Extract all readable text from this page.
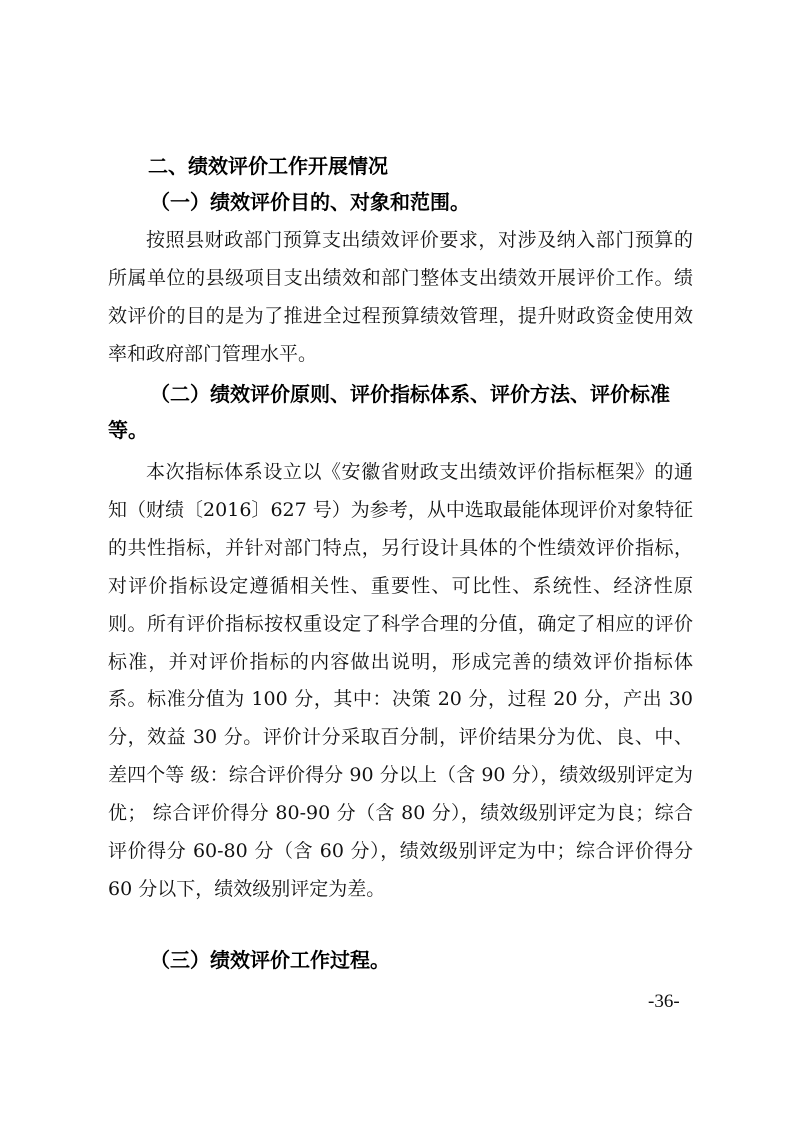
二、绩效评价工作开展情况
（一）绩效评价目的、对象和范围。

按照县财政部门预算支出绩效评价要求，对涉及纳入部门预算的所属单位的县级项目支出绩效和部门整体支出绩效开展评价工作。绩效评价的目的是为了推进全过程预算绩效管理，提升财政资金使用效率和政府部门管理水平。

（二）绩效评价原则、评价指标体系、评价方法、评价标准
等。

本次指标体系设立以《安徽省财政支出绩效评价指标框架》的通知（财绩〔2016〕627 号）为参考，从中选取最能体现评价对象特征的共性指标，并针对部门特点，另行设计具体的个性绩效评价指标，对评价指标设定遵循相关性、重要性、可比性、系统性、经济性原则。所有评价指标按权重设定了科学合理的分值，确定了相应的评价标准，并对评价指标的内容做出说明，形成完善的绩效评价指标体系。标准分值为 100 分，其中：决策 20 分，过程 20 分，产出 30 分，效益 30 分。评价计分采取百分制，评价结果分为优、良、中、差四个等 级：综合评价得分 90 分以上（含 90 分），绩效级别评定为优； 综合评价得分 80-90 分（含 80 分），绩效级别评定为良；综合评价得分 60-80 分（含 60 分），绩效级别评定为中；综合评价得分60 分以下，绩效级别评定为差。

（三）绩效评价工作过程。
-36-
